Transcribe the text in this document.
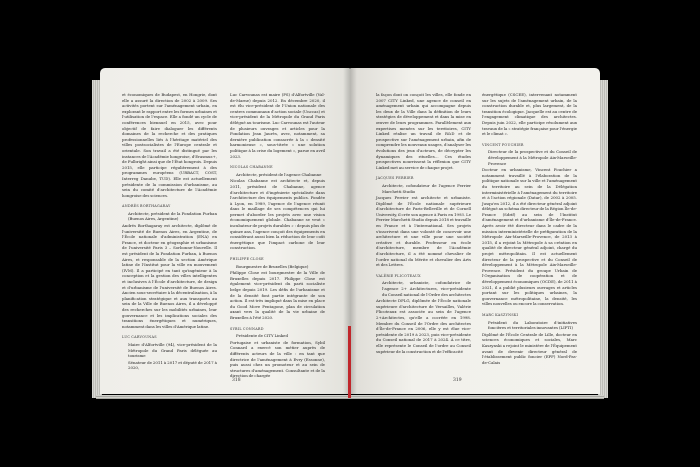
et économiques de Budapest, en Hongrie, dont elle a assuré la direction de 2002 à 2009. Ses activités portent sur l'aménagement urbain, en explorant le rapport entre les formes urbaines et l'utilisation de l'espace. Elle a fondé un cycle de conférences biennuel en 2015, avec pour objectif de faire dialoguer les différents domaines de la recherche et des pratiques professionnelles liés à l'héritage matériel des villes postsocialistes de l'Europe centrale et orientale. Son travail a été distingué par les instances de l'Académie hongroise, d'Erasmus+, de Fulbright ainsi que de l'État hongrois. Depuis 2015, elle participe régulièrement à des programmes européens (URBACT, COST, Interreg Danube, TUD). Elle est actuellement présidente de la commission d'urbanisme, au sein du comité d'architecture de l'Académie hongroise des sciences.

ANDRÉS BORTHAGARAY

Architecte, président de la Fondation Furban (Buenos Aires, Argentine)

Andrés Borthagaray est architecte, diplômé de l'université de Buenos Aires, en Argentine, de l'École nationale d'administration (ENA) en France, et docteur en géographie et urbanisme de l'université Paris 3 – Sorbonne-Nouvelle. Il est président de la Fondation Furban, à Buenos Aires, et responsable de la section Amérique latine de l'Institut pour la ville en mouvement (IVM). Il a participé en tant qu'ingénieur à la conception et la gestion des villes intelligentes et inclusives à l'École d'architecture, de design et d'urbanisme de l'université de Buenos Aires. Ancien sous-secrétaire à la décentralisation, à la planification stratégique et aux transports au sein de la Ville de Buenos Aires, il a développé des recherches sur les mobilités urbaines, leur gouvernance et les implications sociales des transitions énergétiques et numériques, notamment dans les villes d'Amérique latine.

LUC CARVOUNAS

Maire d'Alfortville (94), vice-président de la Métropole du Grand Paris déléguée au tourisme

Sénateur de 2011 à 2017 et député de 2017 à 2020,

Luc Carvounas est maire (PS) d'Alfortville (Val-de-Marne) depuis 2012. En décembre 2020, il est élu vice-président de l'Union nationale des centres communaux d'action sociale (Unccas) et vice-président de la Métropole du Grand Paris délégué au tourisme. Luc Carvounas est l'auteur de plusieurs ouvrages et articles pour la Fondation Jean Jaurès, avec, notamment, sa dernière publication consacrée à la « densité harmonieuse », sous-titrée « une solution politique à la crise du logement », parue en avril 2023.

NICOLAS CHABANNE

Architecte, président de l'agence Chabanne

Nicolas Chabanne est architecte et, depuis 2011, président de Chabanne, agence d'architecture et d'ingénierie spécialisée dans l'architecture des équipements publics. Fondée à Lyon, en 1989, l'agence de l'agence réunit dans le maillage de ses compétences qui lui permet d'aborder les projets avec une vision économiquement globale. Chabanne se veut « incubateur de projets durables » : depuis plus de quinze ans, l'agence conçoit des équipements en considérant aussi bien la réduction de leur coût énergétique que l'impact carbone de leur construction.

PHILIPPE CLOSE

Bourgmestre de Bruxelles (Belgique)

Philippe Close est bourgmestre de la Ville de Bruxelles depuis 2017. Philippe Close est également vice-président du parti socialiste belge depuis 2019. Les défis de l'urbanisme et de la densité font partie intégrante de son action. Il est très impliqué dans la mise en place du Good Move Pentagone, plan de circulation axant vers la qualité de la vie urbaine de Bruxelles à l'été 2020.

SYBIL CONNARD

Présidente de CITY Linked

Portugaise et urbaniste de formation, Sybil Connard a exercé son métier auprès de différents acteurs de la ville : en tant que directrice de l'aménagement à Evry (Essonne), puis aussi chez un promoteur et au sein de structures d'aménagement. Consultante et de la direction de chargée

la façon dont on conçoit les villes, elle fonde en 2007 CITY Linked, une agence de conseil en aménagement urbain qui accompagne depuis les deux de la Ville dans la définition de leurs stratégies de développement et dans la mise en œuvre de leurs programmes. Parallèlement aux expertises menées sur les territoires, CITY Linked réalise un travail de R&D et de prospective sur l'aménagement urbain, afin de comprendre les nouveaux usages, d'analyser les évolutions des jeux d'acteurs, de décrypter les dynamiques des rituelles… Ces études prospectives nourrissent la réflexion que CITY Linked met au service de chaque projet.

JACQUES FERRIER

Architecte, cofondateur de l'agence Ferrier Marchetti Studio

Jacques Ferrier est architecte et urbaniste. Diplômé de l'École nationale supérieure d'architecture de Paris-Belleville et de Cornell University, il crée son agence à Paris en 1993. Le Ferrier Marchetti Studio depuis 2018 et travaille en France et à l'international. Ses projets s'inscrivent dans une volonté de concevoir une architecture et une ville pour une société créative et durable. Professeur en école d'architecture, membre de l'Académie d'architecture, il a été nommé chevalier de l'ordre national du Mérite et chevalier des Arts et des Lettres.

VALÉRIE FLICOTEAUX

Architecte, urbaniste, cofondatrice de l'agence 2+ Architectures, vice-présidente du Conseil national de l'Ordre des architectes

Architecte DPLG, diplômée de l'École nationale supérieure d'architecture de Versailles, Valérie Flicoteaux est associée au sein de l'agence 2+Architectes, qu'elle a cocréée en 1998. Membre du Conseil de l'Ordre des architectes d'Île-de-France en 2006, elle y est élue vice-présidente de 2019 à 2023, puis vice-présidente du Conseil national de 2017 à 2024. À ce titre, elle représente le Conseil de l'ordre au Conseil supérieur de la construction et de l'efficacité

énergétique (CSCEE), intervenant notamment sur les sujets de l'aménagement urbain, de la construction durable et, plus largement, de la transition écologique. Jacquelle est au centre de l'engagement climatique des architectes. Depuis juin 2022, elle participe résolument aux travaux de la « stratégie française pour l'énergie et le climat ».

VINCENT FOUCHIER

Directeur de la prospective et du Conseil de développement à la Métropole Aix-Marseille-Provence

Docteur en urbanisme, Vincent Fouchier a notamment travaillé à l'élaboration de la politique nationale sur la ville et l'aménagement du territoire au sein de la Délégation interministérielle à l'aménagement du territoire et à l'action régionale (Datar), de 2002 à 2005. Jusqu'en 2012, il a été directeur général adjoint délégué au schéma directeur de la Région Île-de-France (Sdrif) au sein de l'Institut d'aménagement et d'urbanisme d'Île-de-France. Après avoir été directeur dans le cadre de la mission interministérielle de préfiguration de la Métropole Aix-Marseille-Provence, de 2013 à 2015, il a rejoint la Métropole à sa création en qualité de directeur général adjoint, chargé du projet métropolitain. Il est actuellement directeur de la prospective et du Conseil de développement à la Métropole Aix-Marseille-Provence. Président du groupe Urbain de l'Organisation de coopération et de développement économiques (OCDE), de 2011 à 2021, il a publié plusieurs ouvrages et articles portant sur les politiques urbaines, la gouvernance métropolitaine, la densité, les villes nouvelles ou encore la conservation.

MARC KASZYNSKI

Président du Laboratoire d'initiatives foncières et territoriales innovantes (LIFTI)

Diplômé de l'École Centrale de Lille, docteur en sciences économiques et sociales, Marc Kaszynski a rejoint le ministère de l'Équipement avant de devenir directeur général de l'établissement public foncier (EPF) Nord-Pas-de-Calais

318	319
